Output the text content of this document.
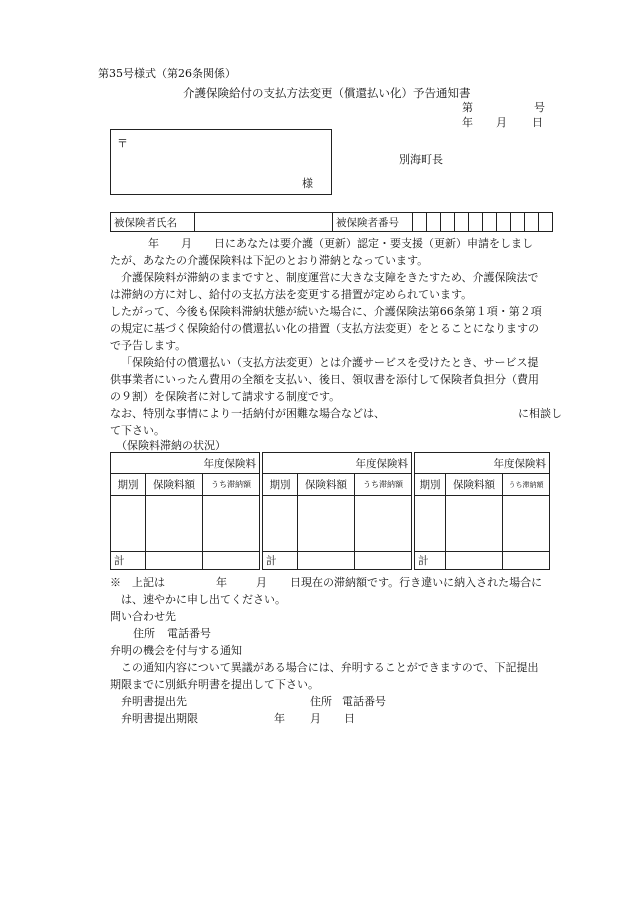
第35号様式（第26条関係）
介護保険給付の支払方法変更（償還払い化）予告通知書
第	号
年 月 日
〒
様
別海町長
被保険者氏名		被保険者番号										
年　　月　　日にあなたは要介護（更新）認定・要支援（更新）申請をしまし
たが、あなたの介護保険料は下記のとおり滞納となっています。
介護保険料が滞納のままですと、制度運営に大きな支障をきたすため、介護保険法で
は滞納の方に対し、給付の支払方法を変更する措置が定められています。
したがって、今後も保険料滞納状態が続いた場合に、介護保険法第66条第１項・第２項
の規定に基づく保険給付の償還払い化の措置（支払方法変更）をとることになりますの
で予告します。
「保険給付の償還払い（支払方法変更）とは介護サービスを受けたとき、サービス提
供事業者にいったん費用の全額を支払い、後日、領収書を添付して保険者負担分（費用
の９割）を保険者に対して請求する制度です。
なお、特別な事情により一括納付が困難な場合などは、	に相談し
て下さい。
（保険料滞納の状況）
年度保険料		
期別	保険料額	うち滞納額

計		
年度保険料		
期別	保険料額	うち滞納額

計		
年度保険料		
期別	保険料額	うち滞納額

計		
※　上記は	年	月 日現在の滞納額です。行き違いに納入された場合に
は、速やかに申し出てください。
問い合わせ先
住所 電話番号
弁明の機会を付与する通知
この通知内容について異議がある場合には、弁明することができますので、下記提出
期限までに別紙弁明書を提出して下さい。
弁明書提出先	住所 電話番号
弁明書提出期限	年 月 日
